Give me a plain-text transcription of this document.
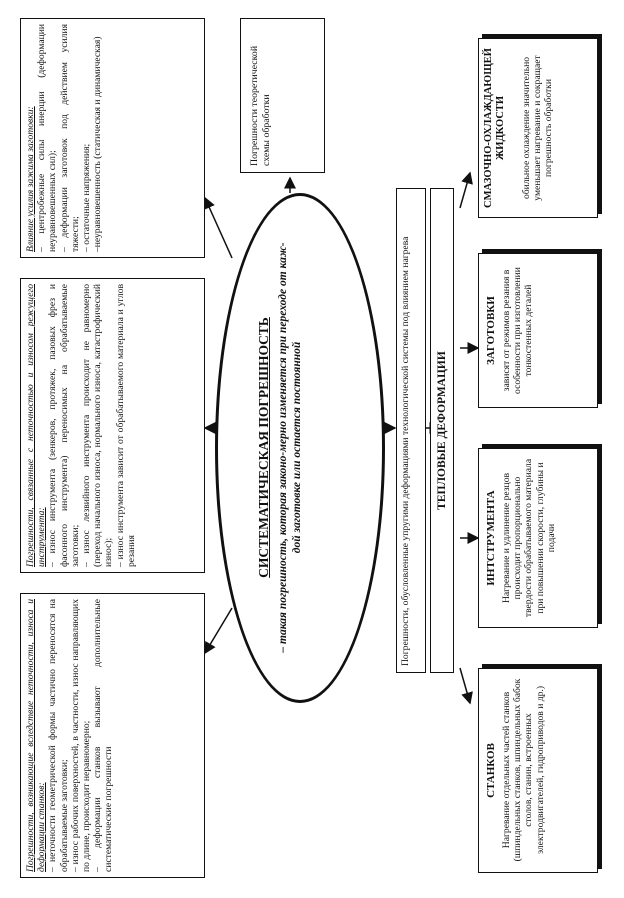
Погрешности, возникающие вследствие неточности, износа и деформации станков: – неточности геометрической формы частично переносятся на обрабатываемые заготовки; – износ рабочих поверхностей, в частности, износ направляющих по длине, происходит неравномерно; – деформации станков вызывают дополнительные систематические погрешности

Погрешности, связанные с неточностью и износом режущего инструмента: – износ инструмента (зенкеров, протяжек, пазовых фрез и фасонного инструмента) переносимых на обрабатываемые заготовки; – износ лезвийного инструмента происходит не равномерно (переход начального износа, нормального износа, катастрофический износ); – износ инструмента зависит от обрабатываемого материала и углов резания

Влияние усилия зажима заготовки: – центробежные силы инерции (деформации неуравновешенных сил); – деформации заготовок под действием усилия тяжести; – остаточные напряжения; –неуравновешенность (статическая и динамическая)

СИСТЕМАТИЧЕСКАЯ ПОГРЕШНОСТЬ – такая погрешность, которая законо-мерно изменяется при переходе от каж-дой заготовке или остается постоянной
Погрешности теоретической схемы обработки
Погрешности, обусловленные упругими деформациями технологической системы под влиянием нагрева ТЕПЛОВЫЕ ДЕФОРМАЦИИ
СТАНКОВ Нагревание отдельных частей станков (шпиндельных станков, шпиндельных бабок столов, станин, встроенных электродвигателей, гидроприводов и др.)
ИНТСТРУМЕНТА Нагревание и удлинение резцов происходит пропорционально твердости обрабатываемого материала при повышении скорости, глубины и подачи
ЗАГОТОВКИ зависят от режимов резания в особенности при изготовлении тонкостенных деталей
СМАЗОЧНО-ОХЛАЖДАЮЩЕЙ ЖИДКОСТИ обильное охлаждение значительно уменьшает нагревание и сокращает погрешность обработки
